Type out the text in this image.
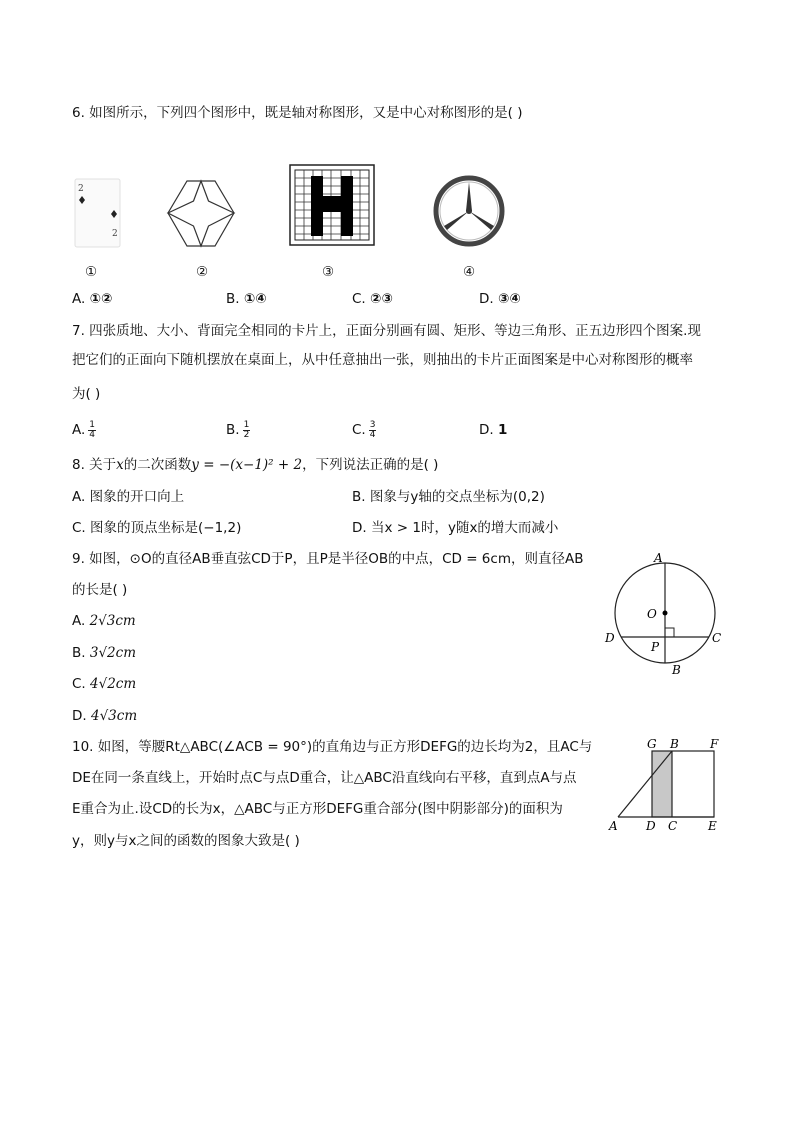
6. 如图所示，下列四个图形中，既是轴对称图形，又是中心对称图形的是( )
2
2
①	②	③	④
A. ①②	B. ①④	C. ②③	D. ③④
7. 四张质地、大小、背面完全相同的卡片上，正面分别画有圆、矩形、等边三角形、正五边形四个图案.现
把它们的正面向下随机摆放在桌面上，从中任意抽出一张，则抽出的卡片正面图案是中心对称图形的概率
为( )
A. $\frac{1}{4}$	B. $\frac{1}{2}$	C. $\frac{3}{4}$	D. 1
8. 关于x的二次函数y = −(x−1)² + 2，下列说法正确的是( )
A. 图象的开口向上	B. 图象与y轴的交点坐标为(0,2)
C. 图象的顶点坐标是(−1,2)	D. 当x > 1时，y随x的增大而减小
9. 如图，⊙O的直径AB垂直弦CD于P，且P是半径OB的中点，CD = 6cm，则直径AB
的长是( )
A. 2√3cm
B. 3√2cm
C. 4√2cm
D. 4√3cm
A
O
D
P
C
B
10. 如图，等腰Rt△ABC(∠ACB = 90°)的直角边与正方形DEFG的边长均为2，且AC与
DE在同一条直线上，开始时点C与点D重合，让△ABC沿直线向右平移，直到点A与点
E重合为止.设CD的长为x，△ABC与正方形DEFG重合部分(图中阴影部分)的面积为
y，则y与x之间的函数的图象大致是( )
G B	F
A D C	E
